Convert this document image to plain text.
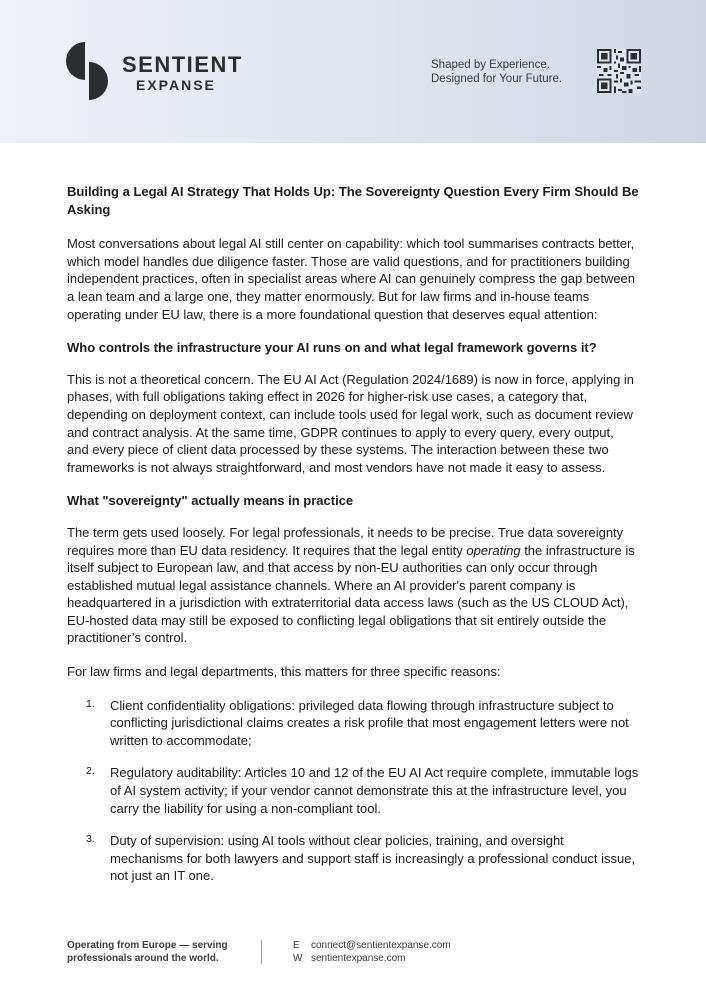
SENTIENT
EXPANSE
Shaped by Experience.
Designed for Your Future.

Building a Legal AI Strategy That Holds Up: The Sovereignty Question Every Firm Should Be Asking

Most conversations about legal AI still center on capability: which tool summarises contracts better, which model handles due diligence faster. Those are valid questions, and for practitioners building independent practices, often in specialist areas where AI can genuinely compress the gap between a lean team and a large one, they matter enormously. But for law firms and in-house teams operating under EU law, there is a more foundational question that deserves equal attention:

Who controls the infrastructure your AI runs on and what legal framework governs it?

This is not a theoretical concern. The EU AI Act (Regulation 2024/1689) is now in force, applying in phases, with full obligations taking effect in 2026 for higher-risk use cases, a category that, depending on deployment context, can include tools used for legal work, such as document review and contract analysis. At the same time, GDPR continues to apply to every query, every output, and every piece of client data processed by these systems. The interaction between these two frameworks is not always straightforward, and most vendors have not made it easy to assess.

What "sovereignty" actually means in practice

The term gets used loosely. For legal professionals, it needs to be precise. True data sovereignty requires more than EU data residency. It requires that the legal entity operating the infrastructure is itself subject to European law, and that access by non-EU authorities can only occur through established mutual legal assistance channels. Where an AI provider's parent company is headquartered in a jurisdiction with extraterritorial data access laws (such as the US CLOUD Act), EU-hosted data may still be exposed to conflicting legal obligations that sit entirely outside the practitioner’s control.

For law firms and legal departments, this matters for three specific reasons:

1. Client confidentiality obligations: privileged data flowing through infrastructure subject to conflicting jurisdictional claims creates a risk profile that most engagement letters were not written to accommodate;
2. Regulatory auditability: Articles 10 and 12 of the EU AI Act require complete, immutable logs of AI system activity; if your vendor cannot demonstrate this at the infrastructure level, you carry the liability for using a non-compliant tool.
3. Duty of supervision: using AI tools without clear policies, training, and oversight mechanisms for both lawyers and support staff is increasingly a professional conduct issue, not just an IT one.
Operating from Europe — serving
professionals around the world.
E connect@sentientexpanse.com
W sentientexpanse.com
